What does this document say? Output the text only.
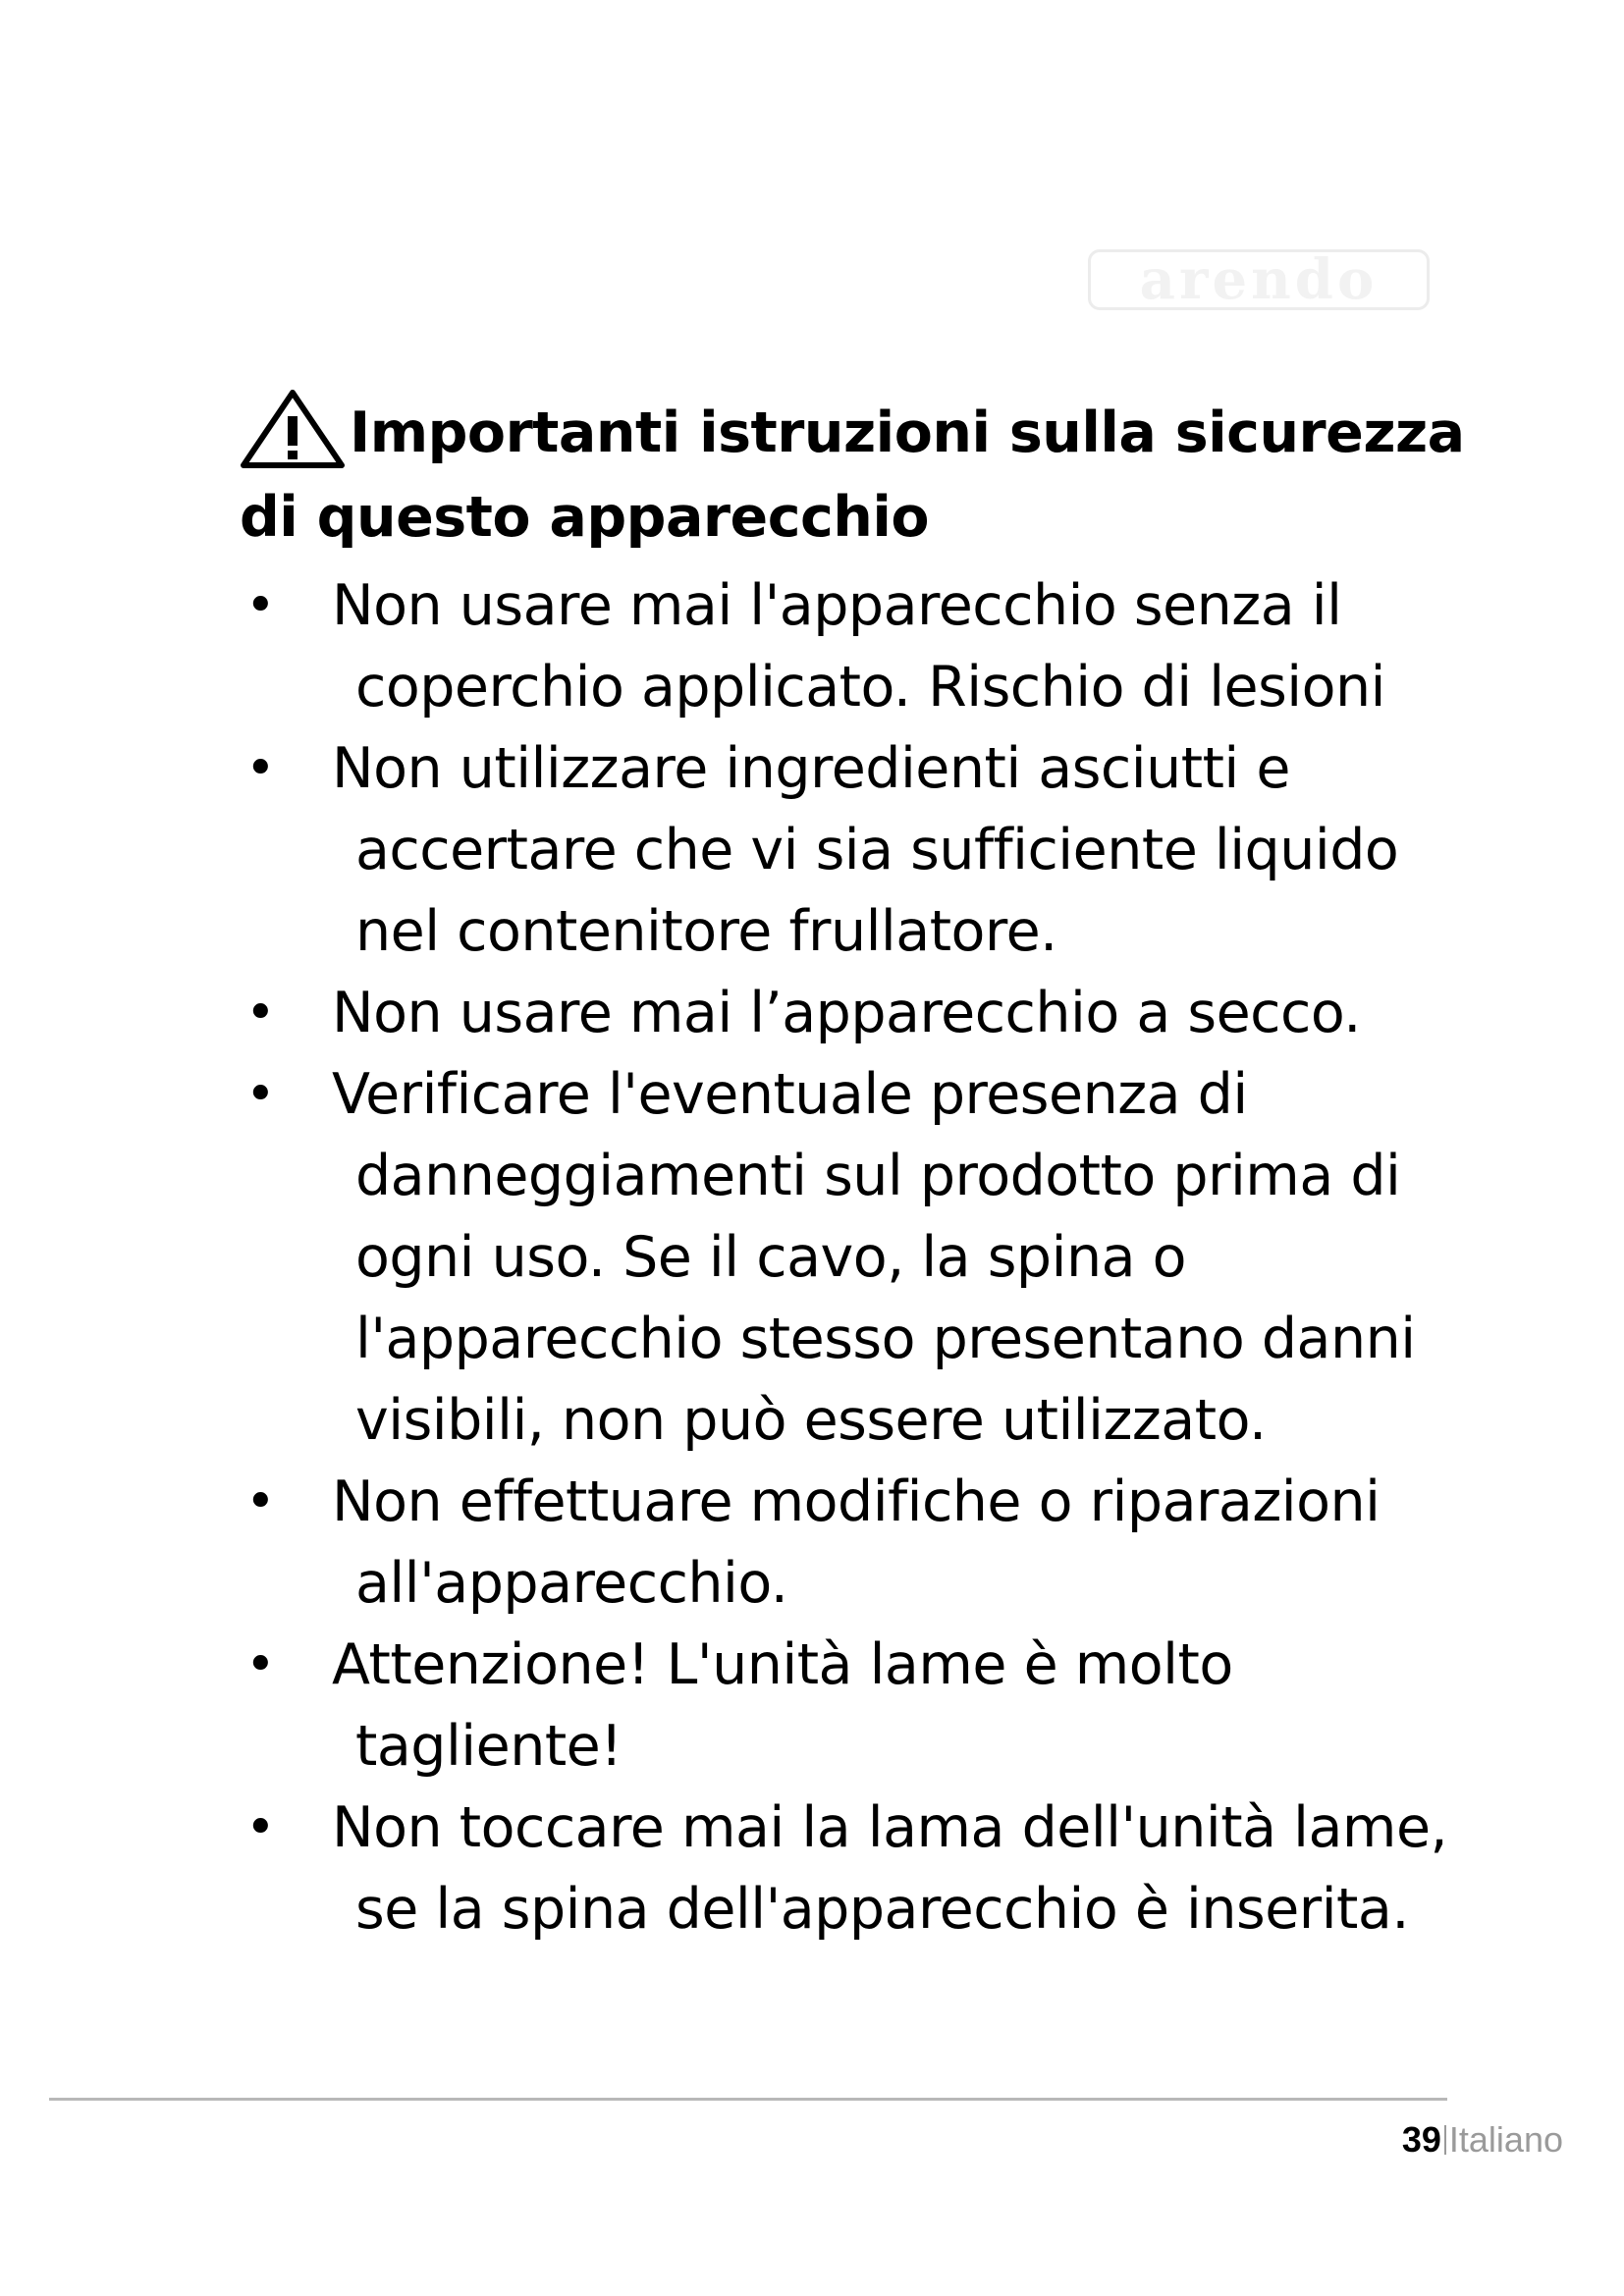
arendo
Importanti istruzioni sulla sicurezza di questo apparecchio
• Non usare mai l'apparecchio senza il coperchio applicato. Rischio di lesioni
• Non utilizzare ingredienti asciutti e accertare che vi sia sufficiente liquido nel contenitore frullatore.
• Non usare mai l’apparecchio a secco.
• Verificare l'eventuale presenza di danneggiamenti sul prodotto prima di ogni uso. Se il cavo, la spina o l'apparecchio stesso presentano danni visibili, non può essere utilizzato.
• Non effettuare modifiche o riparazioni all'apparecchio.
• Attenzione! L'unità lame è molto tagliente!
• Non toccare mai la lama dell'unità lame, se la spina dell'apparecchio è inserita.
39 Italiano
